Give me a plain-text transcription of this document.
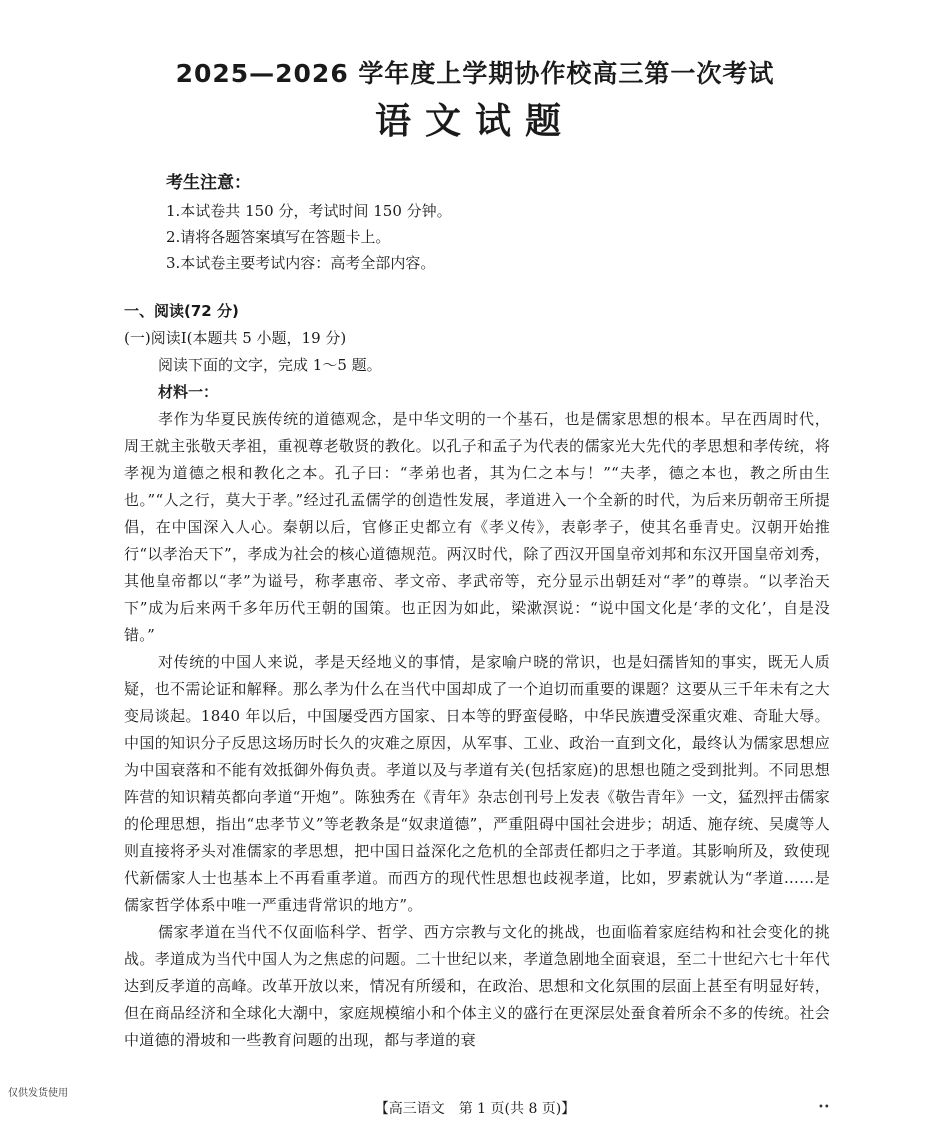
2025—2026 学年度上学期协作校高三第一次考试
语文试题
考生注意：
1.本试卷共 150 分，考试时间 150 分钟。
2.请将各题答案填写在答题卡上。
3.本试卷主要考试内容：高考全部内容。
一、阅读(72 分)
(一)阅读Ⅰ(本题共 5 小题，19 分)
阅读下面的文字，完成 1～5 题。
材料一：

孝作为华夏民族传统的道德观念，是中华文明的一个基石，也是儒家思想的根本。早在西周时代，周王就主张敬天孝祖，重视尊老敬贤的教化。以孔子和孟子为代表的儒家光大先代的孝思想和孝传统，将孝视为道德之根和教化之本。孔子曰：“孝弟也者，其为仁之本与！”“夫孝，德之本也，教之所由生也。”“人之行，莫大于孝。”经过孔孟儒学的创造性发展，孝道进入一个全新的时代，为后来历朝帝王所提倡，在中国深入人心。秦朝以后，官修正史都立有《孝义传》，表彰孝子，使其名垂青史。汉朝开始推行“以孝治天下”，孝成为社会的核心道德规范。两汉时代，除了西汉开国皇帝刘邦和东汉开国皇帝刘秀，其他皇帝都以“孝”为谥号，称孝惠帝、孝文帝、孝武帝等，充分显示出朝廷对“孝”的尊崇。“以孝治天下”成为后来两千多年历代王朝的国策。也正因为如此，梁漱溟说：“说中国文化是‘孝的文化’，自是没错。”

对传统的中国人来说，孝是天经地义的事情，是家喻户晓的常识，也是妇孺皆知的事实，既无人质疑，也不需论证和解释。那么孝为什么在当代中国却成了一个迫切而重要的课题？这要从三千年未有之大变局谈起。1840 年以后，中国屡受西方国家、日本等的野蛮侵略，中华民族遭受深重灾难、奇耻大辱。中国的知识分子反思这场历时长久的灾难之原因，从军事、工业、政治一直到文化，最终认为儒家思想应为中国衰落和不能有效抵御外侮负责。孝道以及与孝道有关(包括家庭)的思想也随之受到批判。不同思想阵营的知识精英都向孝道“开炮”。陈独秀在《青年》杂志创刊号上发表《敬告青年》一文，猛烈抨击儒家的伦理思想，指出“忠孝节义”等老教条是“奴隶道德”，严重阻碍中国社会进步；胡适、施存统、吴虞等人则直接将矛头对准儒家的孝思想，把中国日益深化之危机的全部责任都归之于孝道。其影响所及，致使现代新儒家人士也基本上不再看重孝道。而西方的现代性思想也歧视孝道，比如，罗素就认为“孝道……是儒家哲学体系中唯一严重违背常识的地方”。

儒家孝道在当代不仅面临科学、哲学、西方宗教与文化的挑战，也面临着家庭结构和社会变化的挑战。孝道成为当代中国人为之焦虑的问题。二十世纪以来，孝道急剧地全面衰退，至二十世纪六七十年代达到反孝道的高峰。改革开放以来，情况有所缓和，在政治、思想和文化氛围的层面上甚至有明显好转，但在商品经济和全球化大潮中，家庭规模缩小和个体主义的盛行在更深层处蚕食着所余不多的传统。社会中道德的滑坡和一些教育问题的出现，都与孝道的衰

仅供发货使用
【高三语文　第 1 页(共 8 页)】	••
